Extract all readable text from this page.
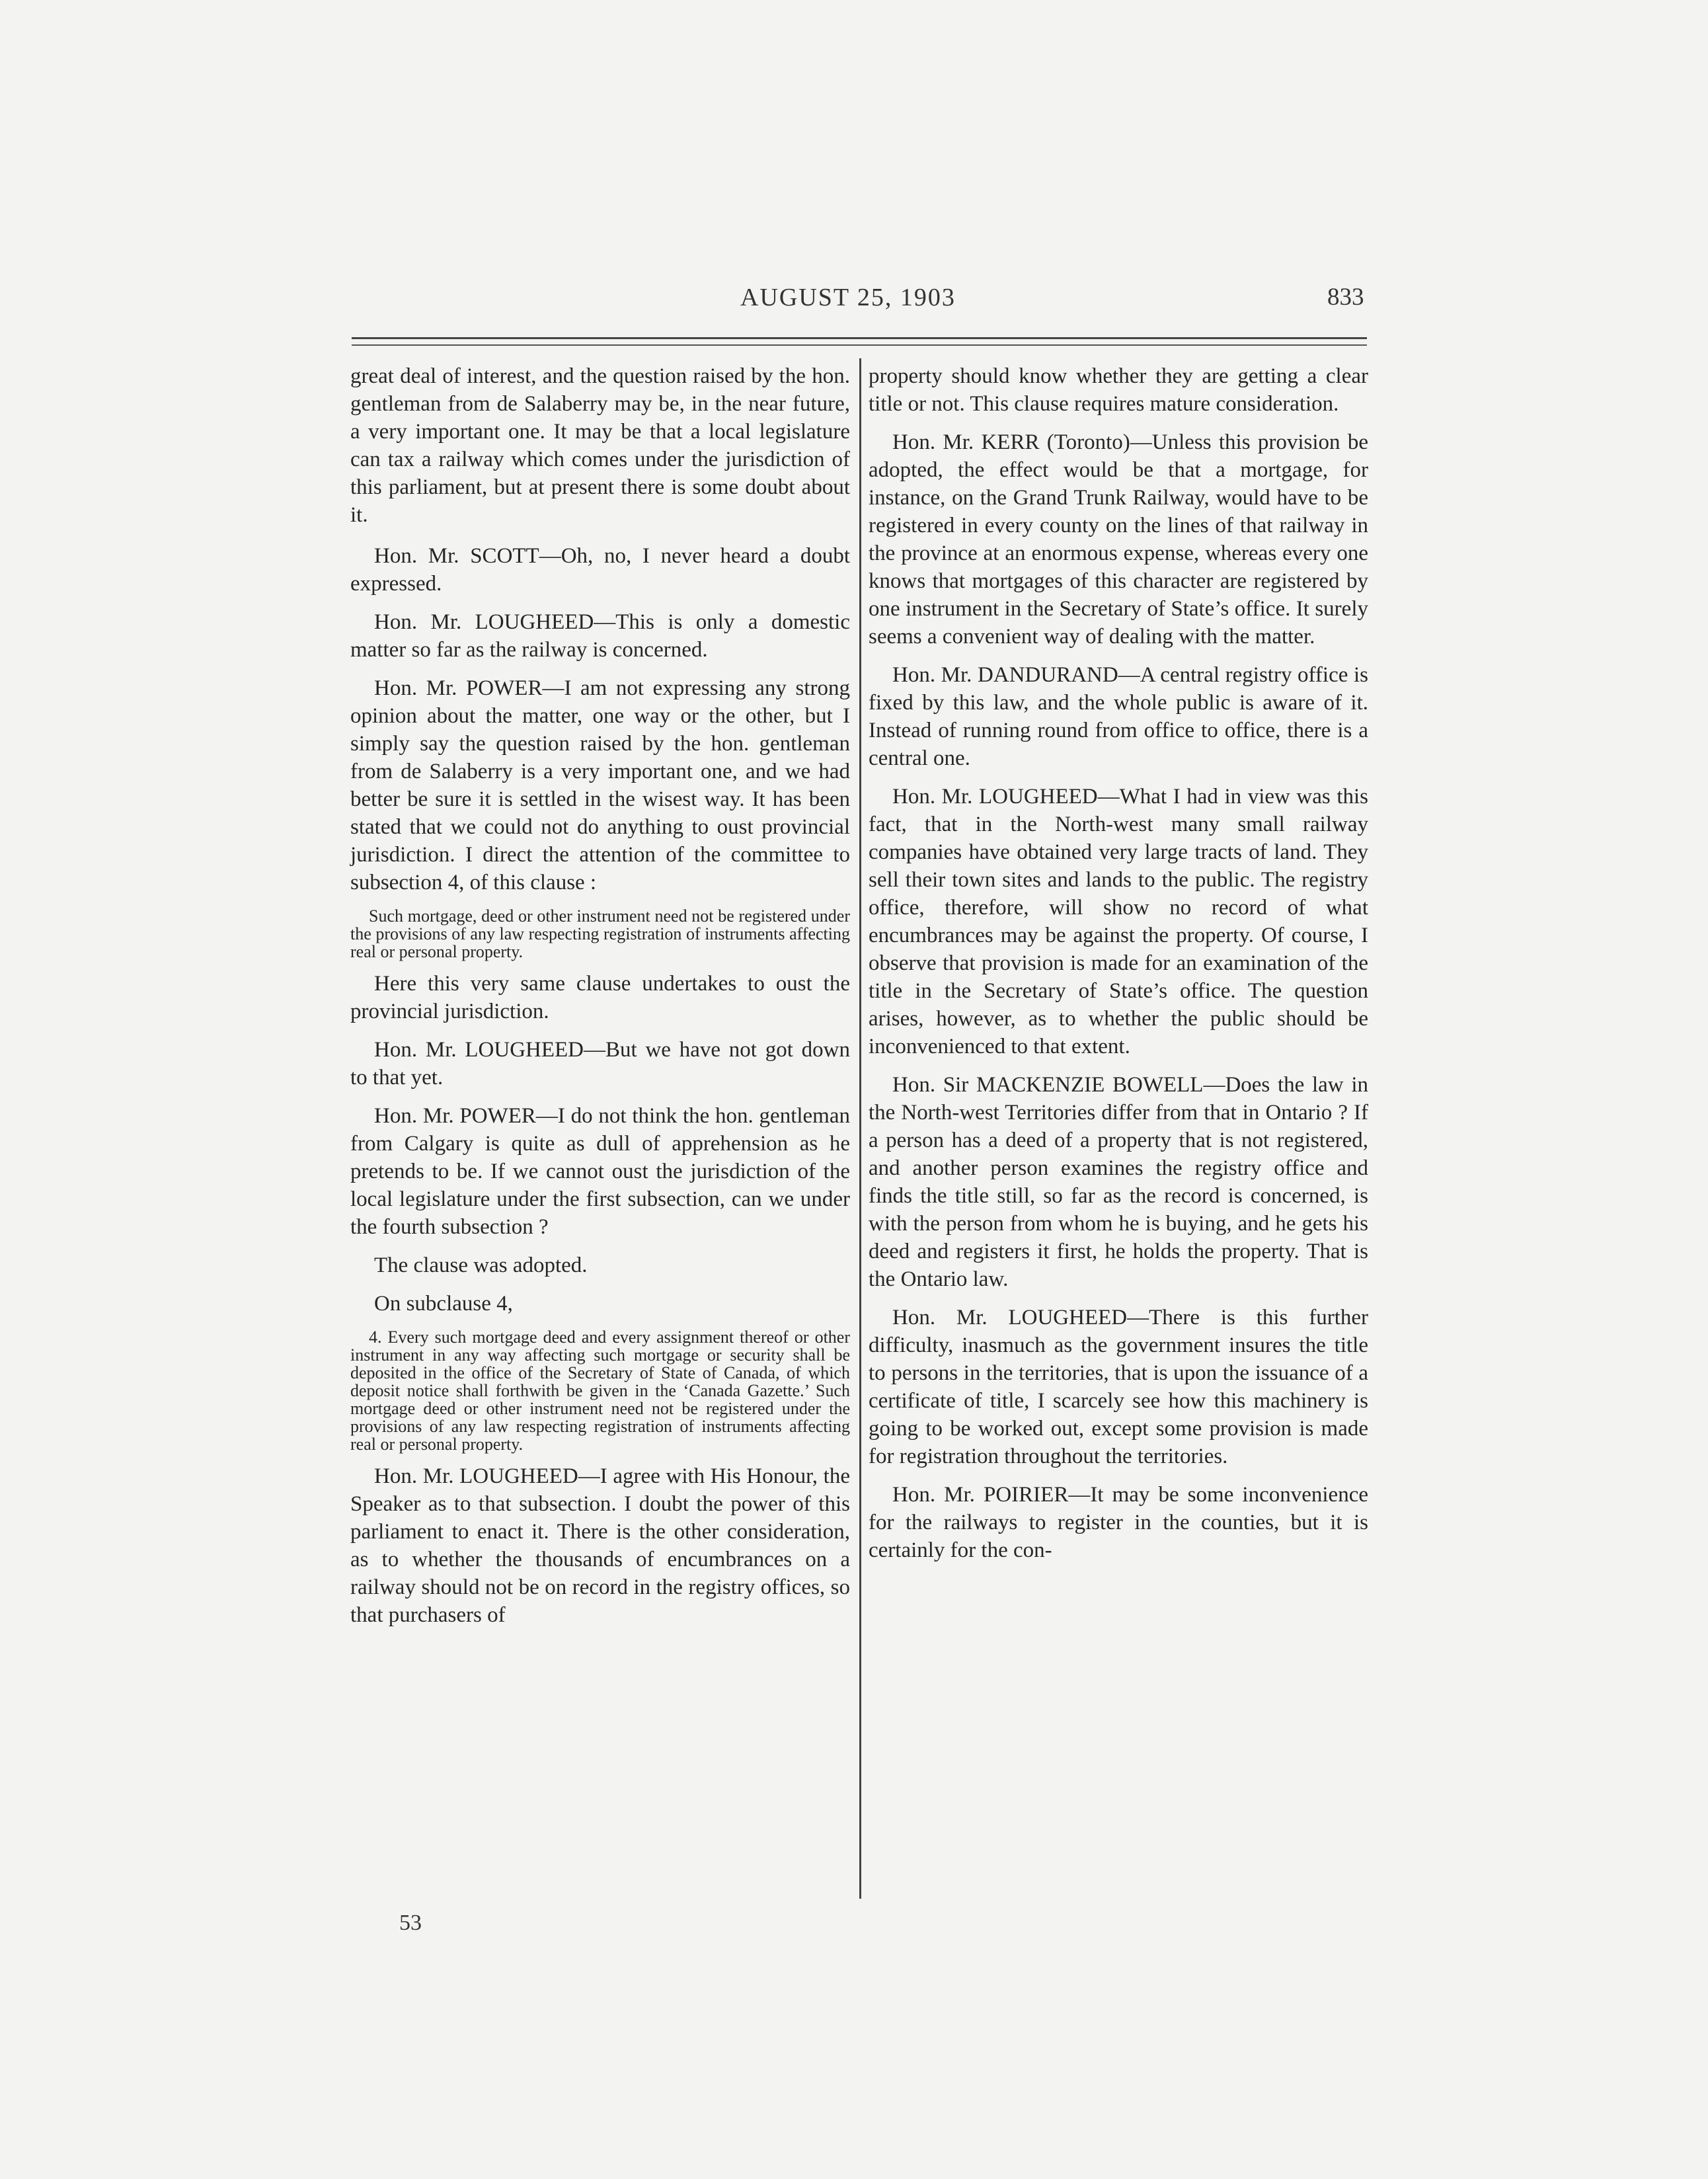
AUGUST 25, 1903	833

great deal of interest, and the question raised by the hon. gentleman from de Salaberry may be, in the near future, a very important one. It may be that a local legislature can tax a railway which comes under the jurisdiction of this parliament, but at present there is some doubt about it.

Hon. Mr. SCOTT—Oh, no, I never heard a doubt expressed.

Hon. Mr. LOUGHEED—This is only a domestic matter so far as the railway is concerned.

Hon. Mr. POWER—I am not expressing any strong opinion about the matter, one way or the other, but I simply say the question raised by the hon. gentleman from de Salaberry is a very important one, and we had better be sure it is settled in the wisest way. It has been stated that we could not do anything to oust provincial jurisdiction. I direct the attention of the committee to subsection 4, of this clause :

Such mortgage, deed or other instrument need not be registered under the provisions of any law respecting registration of instruments affecting real or personal property.

Here this very same clause undertakes to oust the provincial jurisdiction.

Hon. Mr. LOUGHEED—But we have not got down to that yet.

Hon. Mr. POWER—I do not think the hon. gentleman from Calgary is quite as dull of apprehension as he pretends to be. If we cannot oust the jurisdiction of the local legislature under the first subsection, can we under the fourth subsection ?

The clause was adopted.

On subclause 4,

4. Every such mortgage deed and every assignment thereof or other instrument in any way affecting such mortgage or security shall be deposited in the office of the Secretary of State of Canada, of which deposit notice shall forthwith be given in the ‘Canada Gazette.’ Such mortgage deed or other instrument need not be registered under the provisions of any law respecting registration of instruments affecting real or personal property.

Hon. Mr. LOUGHEED—I agree with His Honour, the Speaker as to that subsection. I doubt the power of this parliament to enact it. There is the other consideration, as to whether the thousands of encumbrances on a railway should not be on record in the registry offices, so that purchasers of

property should know whether they are getting a clear title or not. This clause requires mature consideration.

Hon. Mr. KERR (Toronto)—Unless this provision be adopted, the effect would be that a mortgage, for instance, on the Grand Trunk Railway, would have to be registered in every county on the lines of that railway in the province at an enormous expense, whereas every one knows that mortgages of this character are registered by one instrument in the Secretary of State’s office. It surely seems a convenient way of dealing with the matter.

Hon. Mr. DANDURAND—A central registry office is fixed by this law, and the whole public is aware of it. Instead of running round from office to office, there is a central one.

Hon. Mr. LOUGHEED—What I had in view was this fact, that in the North-west many small railway companies have obtained very large tracts of land. They sell their town sites and lands to the public. The registry office, therefore, will show no record of what encumbrances may be against the property. Of course, I observe that provision is made for an examination of the title in the Secretary of State’s office. The question arises, however, as to whether the public should be inconvenienced to that extent.

Hon. Sir MACKENZIE BOWELL—Does the law in the North-west Territories differ from that in Ontario ? If a person has a deed of a property that is not registered, and another person examines the registry office and finds the title still, so far as the record is concerned, is with the person from whom he is buying, and he gets his deed and registers it first, he holds the property. That is the Ontario law.

Hon. Mr. LOUGHEED—There is this further difficulty, inasmuch as the government insures the title to persons in the territories, that is upon the issuance of a certificate of title, I scarcely see how this machinery is going to be worked out, except some provision is made for registration throughout the territories.

Hon. Mr. POIRIER—It may be some inconvenience for the railways to register in the counties, but it is certainly for the con-

53
